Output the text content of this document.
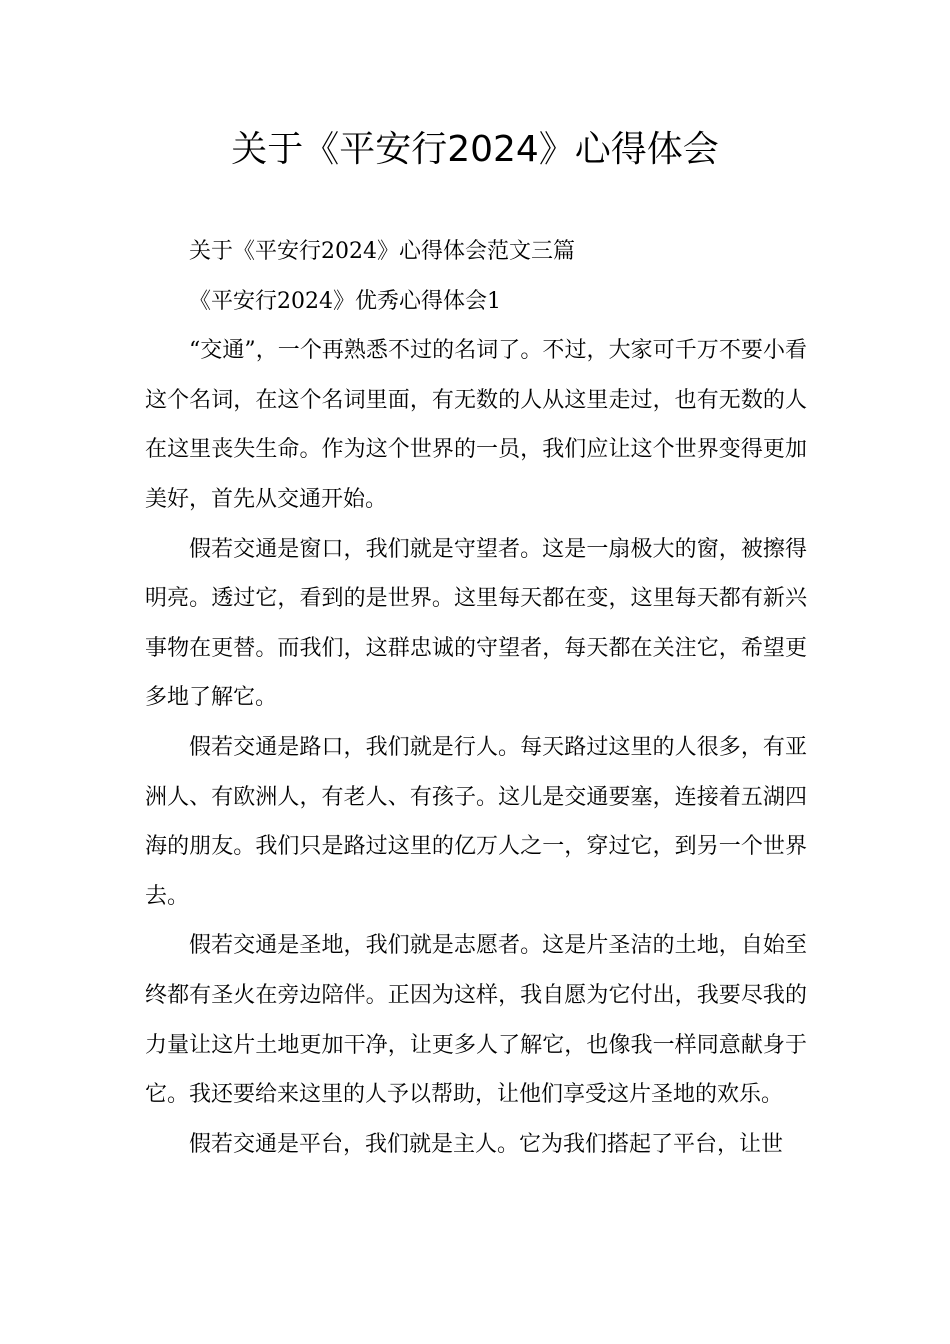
关于《平安行2024》心得体会

关于《平安行2024》心得体会范文三篇

《平安行2024》优秀心得体会1

“交通”，一个再熟悉不过的名词了。不过，大家可千万不要小看这个名词，在这个名词里面，有无数的人从这里走过，也有无数的人在这里丧失生命。作为这个世界的一员，我们应让这个世界变得更加美好，首先从交通开始。

假若交通是窗口，我们就是守望者。这是一扇极大的窗，被擦得明亮。透过它，看到的是世界。这里每天都在变，这里每天都有新兴事物在更替。而我们，这群忠诚的守望者，每天都在关注它，希望更多地了解它。

假若交通是路口，我们就是行人。每天路过这里的人很多，有亚洲人、有欧洲人，有老人、有孩子。这儿是交通要塞，连接着五湖四海的朋友。我们只是路过这里的亿万人之一，穿过它，到另一个世界去。

假若交通是圣地，我们就是志愿者。这是片圣洁的土地，自始至终都有圣火在旁边陪伴。正因为这样，我自愿为它付出，我要尽我的力量让这片土地更加干净，让更多人了解它，也像我一样同意献身于它。我还要给来这里的人予以帮助，让他们享受这片圣地的欢乐。

假若交通是平台，我们就是主人。它为我们搭起了平台，让世
